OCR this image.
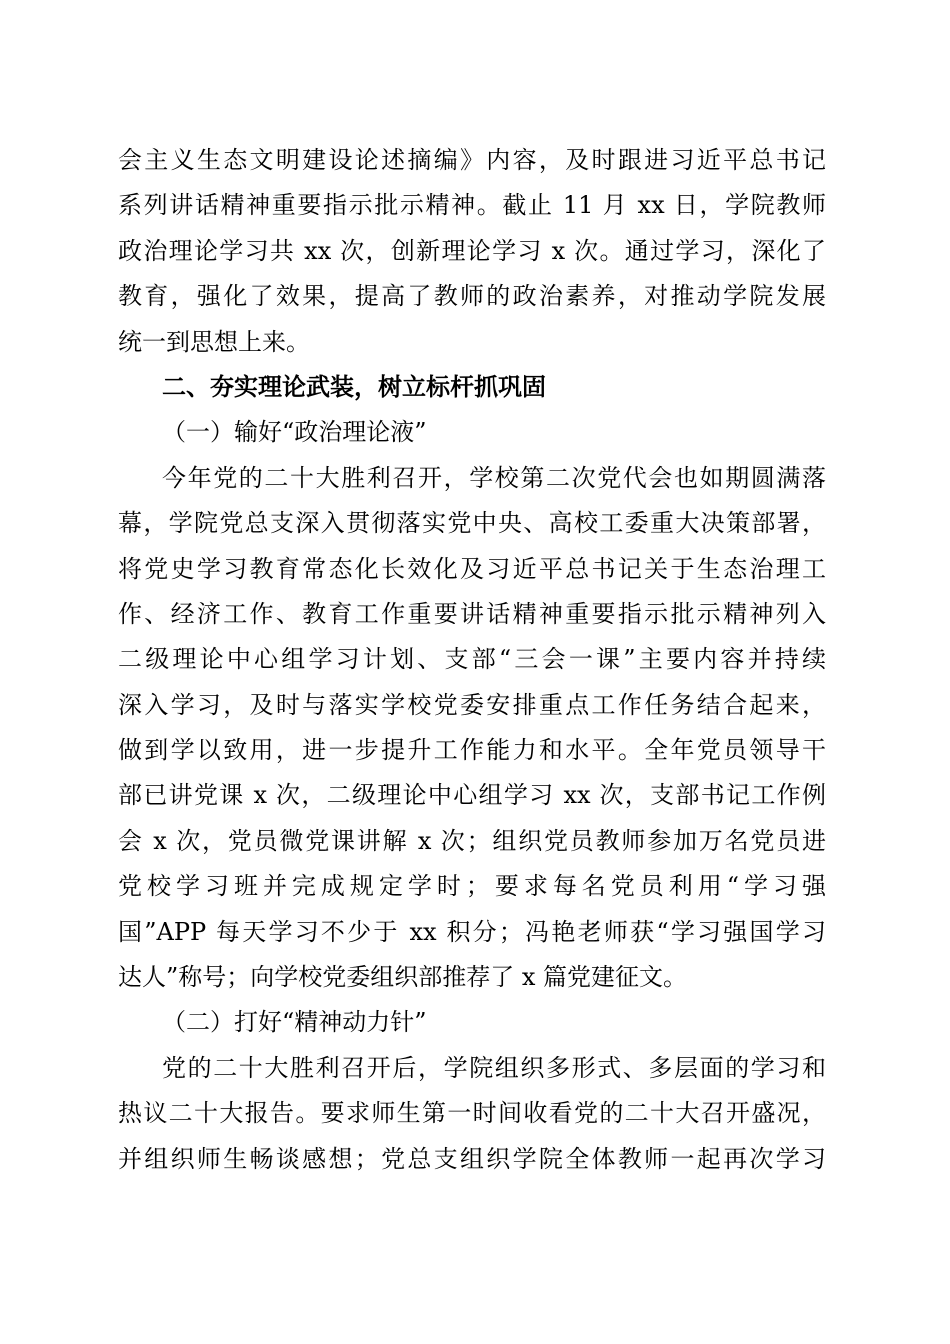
会主义生态文明建设论述摘编》内容，及时跟进习近平总书记
系列讲话精神重要指示批示精神。截止 11 月 xx 日，学院教师
政治理论学习共 xx 次，创新理论学习 x 次。通过学习，深化了
教育，强化了效果，提高了教师的政治素养，对推动学院发展
统一到思想上来。
二、夯实理论武装，树立标杆抓巩固
（一）输好“政治理论液”
今年党的二十大胜利召开，学校第二次党代会也如期圆满落
幕，学院党总支深入贯彻落实党中央、高校工委重大决策部署，
将党史学习教育常态化长效化及习近平总书记关于生态治理工
作、经济工作、教育工作重要讲话精神重要指示批示精神列入
二级理论中心组学习计划、支部“三会一课”主要内容并持续
深入学习，及时与落实学校党委安排重点工作任务结合起来，
做到学以致用，进一步提升工作能力和水平。全年党员领导干
部已讲党课 x 次，二级理论中心组学习 xx 次，支部书记工作例
会 x 次，党员微党课讲解 x 次；组织党员教师参加万名党员进
党校学习班并完成规定学时；要求每名党员利用“学习强
国”APP 每天学习不少于 xx 积分；冯艳老师获“学习强国学习
达人”称号；向学校党委组织部推荐了 x 篇党建征文。
（二）打好“精神动力针”
党的二十大胜利召开后，学院组织多形式、多层面的学习和
热议二十大报告。要求师生第一时间收看党的二十大召开盛况，
并组织师生畅谈感想；党总支组织学院全体教师一起再次学习
